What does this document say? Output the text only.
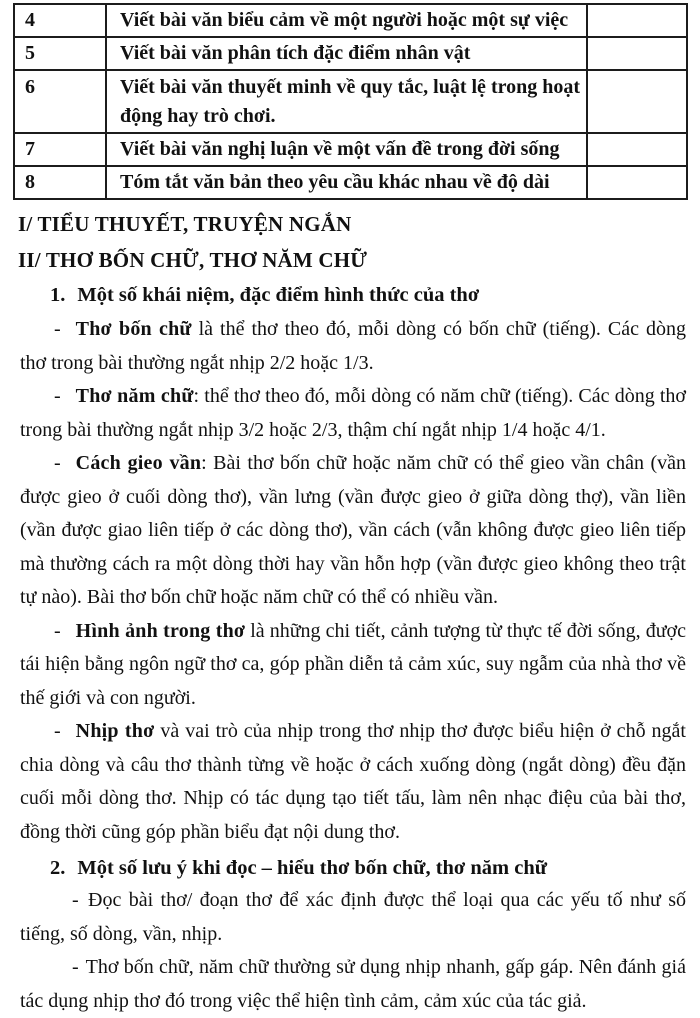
4	Viết bài văn biểu cảm về một người hoặc một sự việc	
5	Viết bài văn phân tích đặc điểm nhân vật	
6	Viết bài văn thuyết minh về quy tắc, luật lệ trong hoạt động hay trò chơi.	
7	Viết bài văn nghị luận về một vấn đề trong đời sống	
8	Tóm tắt văn bản theo yêu cầu khác nhau về độ dài	
I/ TIỂU THUYẾT, TRUYỆN NGẮN
II/ THƠ BỐN CHỮ, THƠ NĂM CHỮ
1. Một số khái niệm, đặc điểm hình thức của thơ

- Thơ bốn chữ là thể thơ theo đó, mỗi dòng có bốn chữ (tiếng). Các dòng thơ trong bài thường ngắt nhịp 2/2 hoặc 1/3.

- Thơ năm chữ: thể thơ theo đó, mỗi dòng có năm chữ (tiếng). Các dòng thơ trong bài thường ngắt nhịp 3/2 hoặc 2/3, thậm chí ngắt nhịp 1/4 hoặc 4/1.

- Cách gieo vần: Bài thơ bốn chữ hoặc năm chữ có thể gieo vần chân (vần được gieo ở cuối dòng thơ), vần lưng (vần được gieo ở giữa dòng thợ), vần liền (vần được giao liên tiếp ở các dòng thơ), vần cách (vẫn không được gieo liên tiếp mà thường cách ra một dòng thời hay vần hỗn hợp (vần được gieo không theo trật tự nào). Bài thơ bốn chữ hoặc năm chữ có thể có nhiều vần.

- Hình ảnh trong thơ là những chi tiết, cảnh tượng từ thực tế đời sống, được tái hiện bằng ngôn ngữ thơ ca, góp phần diễn tả cảm xúc, suy ngẫm của nhà thơ về thế giới và con người.

- Nhịp thơ và vai trò của nhịp trong thơ nhịp thơ được biểu hiện ở chỗ ngắt chia dòng và câu thơ thành từng về hoặc ở cách xuống dòng (ngắt dòng) đều đặn cuối mỗi dòng thơ. Nhịp có tác dụng tạo tiết tấu, làm nên nhạc điệu của bài thơ, đồng thời cũng góp phần biểu đạt nội dung thơ.

2. Một số lưu ý khi đọc – hiểu thơ bốn chữ, thơ năm chữ

- Đọc bài thơ/ đoạn thơ để xác định được thể loại qua các yếu tố như số tiếng, số dòng, vần, nhịp.

- Thơ bốn chữ, năm chữ thường sử dụng nhịp nhanh, gấp gáp. Nên đánh giá tác dụng nhịp thơ đó trong việc thể hiện tình cảm, cảm xúc của tác giả.
